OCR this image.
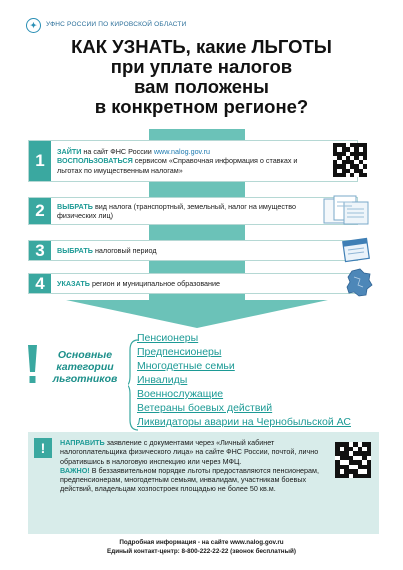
✦	УФНС РОССИИ ПО КИРОВСКОЙ ОБЛАСТИ
КАК УЗНАТЬ, какие ЛЬГОТЫ
при уплате налогов
вам положены
в конкретном регионе?
1	ЗАЙТИ на сайт ФНС России www.nalog.gov.ru
ВОСПОЛЬЗОВАТЬСЯ сервисом «Справочная информация о ставках и льготах по имущественным налогам»
2	ВЫБРАТЬ вид налога (транспортный, земельный, налог на имущество физических лиц)
3	ВЫБРАТЬ налоговый период
4	УКАЗАТЬ регион и муниципальное образование
Основные категории льготников
Пенсионеры
Предпенсионеры
Многодетные семьи
Инвалиды
Военнослужащие
Ветераны боевых действий
Ликвидаторы аварии на Чернобыльской АС
!	НАПРАВИТЬ заявление с документами через «Личный кабинет налогоплательщика физического лица» на сайте ФНС России, почтой, лично обратившись в налоговую инспекцию или через МФЦ.
ВАЖНО! В беззаявительном порядке льготы предоставляются пенсионерам, предпенсионерам, многодетным семьям, инвалидам, участникам боевых действий, владельцам хозпостроек площадью не более 50 кв.м.
Подробная информация - на сайте www.nalog.gov.ru
Единый контакт-центр: 8-800-222-22-22 (звонок бесплатный)
